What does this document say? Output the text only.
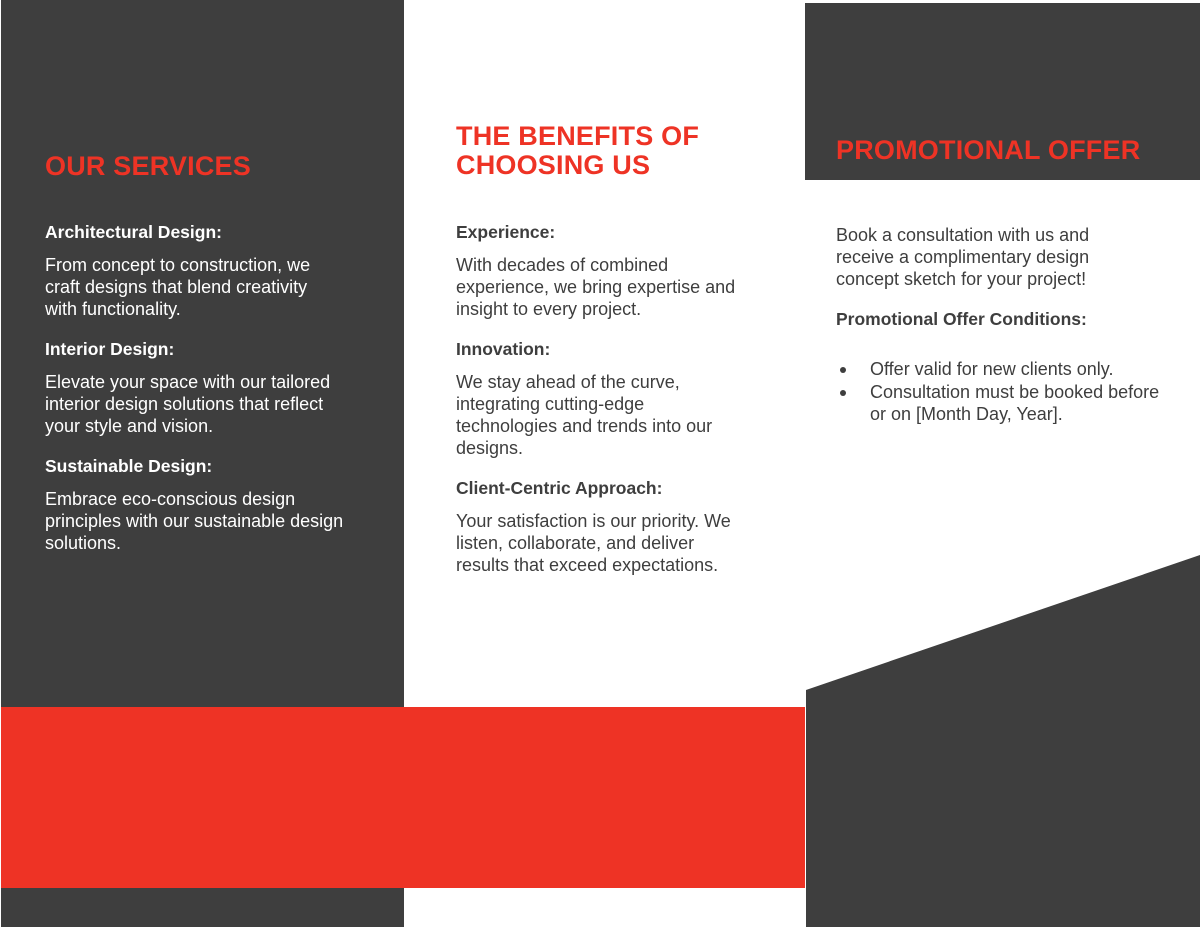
OUR SERVICES

Architectural Design:

From concept to construction, we craft designs that blend creativity with functionality.

Interior Design:

Elevate your space with our tailored interior design solutions that reflect your style and vision.

Sustainable Design:

Embrace eco-conscious design principles with our sustainable design solutions.

THE BENEFITS OF
CHOOSING US

Experience:

With decades of combined experience, we bring expertise and insight to every project.

Innovation:

We stay ahead of the curve, integrating cutting-edge technologies and trends into our designs.

Client-Centric Approach:

Your satisfaction is our priority. We listen, collaborate, and deliver results that exceed expectations.

PROMOTIONAL OFFER

Book a consultation with us and receive a complimentary design concept sketch for your project!

Promotional Offer Conditions:

Offer valid for new clients only.
Consultation must be booked before or on [Month Day, Year].
